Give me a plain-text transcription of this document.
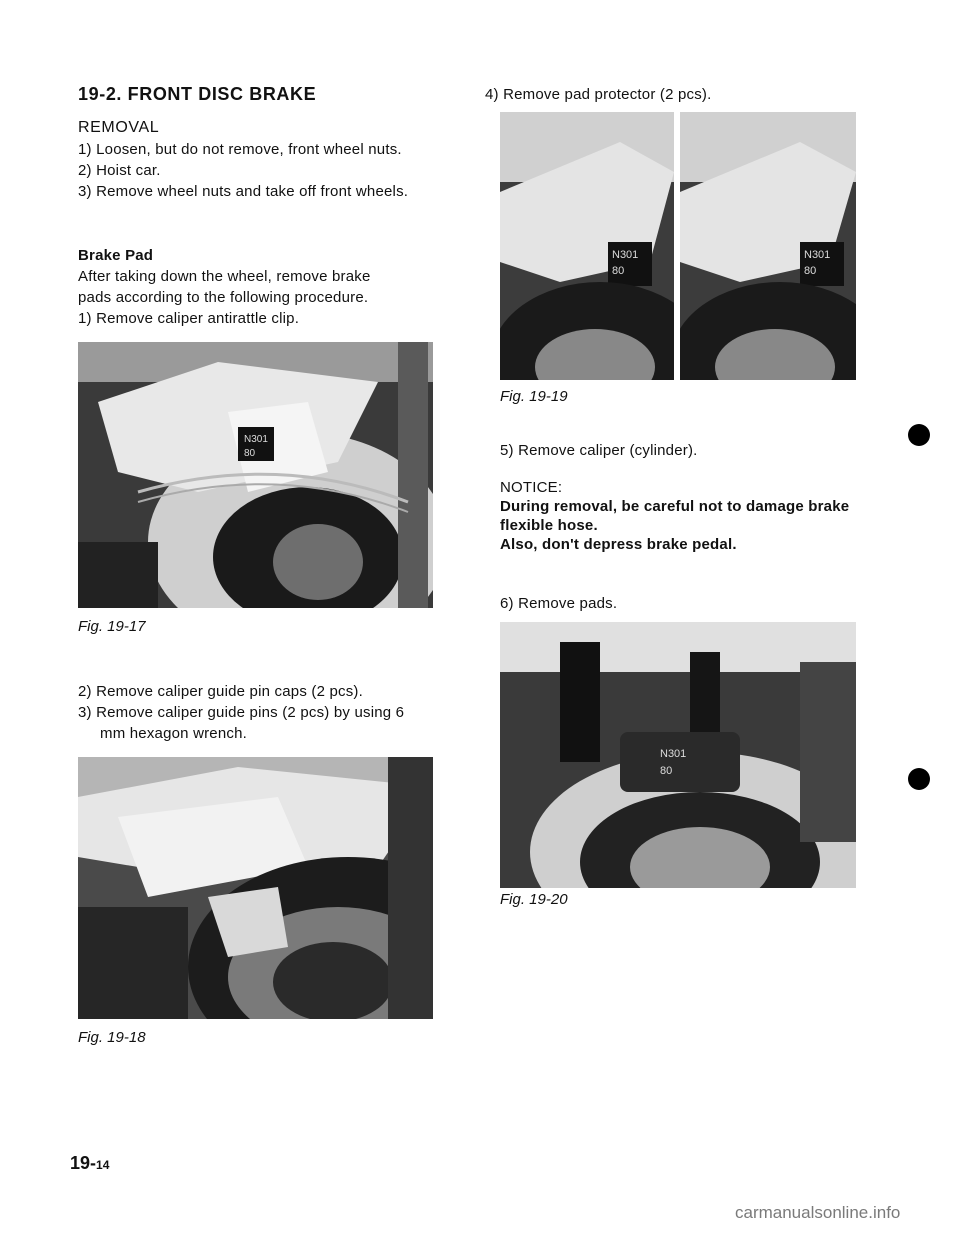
19-2. FRONT DISC BRAKE
REMOVAL
1) Loosen, but do not remove, front wheel nuts.
2) Hoist car.
3) Remove wheel nuts and take off front wheels.
Brake Pad
After taking down the wheel, remove brake
pads according to the following procedure.
1) Remove caliper antirattle clip.
N301
80
Fig. 19-17
2) Remove caliper guide pin caps (2 pcs).
3) Remove caliper guide pins (2 pcs) by using 6
mm hexagon wrench.
Fig. 19-18
4) Remove pad protector (2 pcs).
N301
80
N301
80
Fig. 19-19
5) Remove caliper (cylinder).
NOTICE:
During removal, be careful not to damage brake
flexible hose.
Also, don't depress brake pedal.
6) Remove pads.
N301
80
Fig. 19-20
19-14
carmanualsonline.info
